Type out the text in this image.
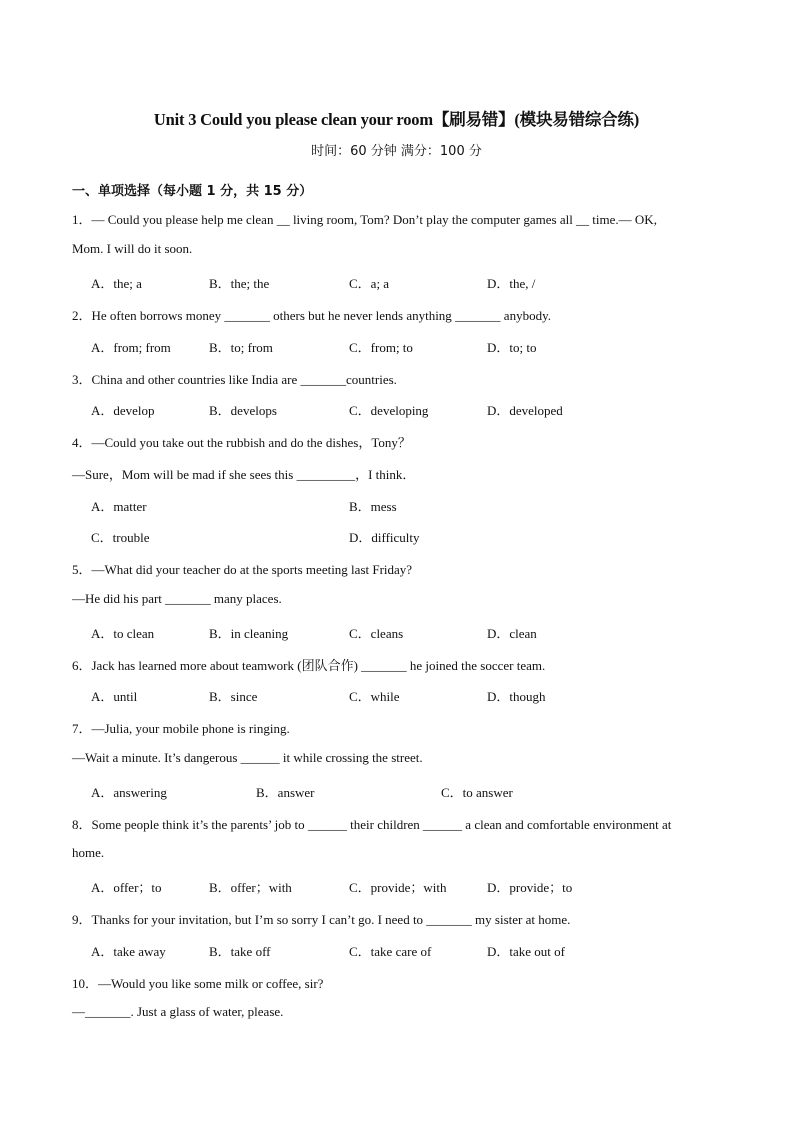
Unit 3 Could you please clean your room【刷易错】(模块易错综合练)
时间：60 分钟 满分：100 分
一、单项选择（每小题 1 分，共 15 分）
1．— Could you please help me clean __ living room, Tom? Don’t play the computer games all __ time.— OK,
Mom. I will do it soon.
A．the; a	B．the; the	C．a; a	D．the, /
2．He often borrows money _______ others but he never lends anything _______ anybody.
A．from; from	B．to; from	C．from; to	D．to; to
3．China and other countries like India are _______countries.
A．develop	B．develops	C．developing	D．developed
4．—Could you take out the rubbish and do the dishes，Tony？
—Sure，Mom will be mad if she sees this _________，I think．
A．matter	B．mess
C．trouble	D．difficulty
5．—What did your teacher do at the sports meeting last Friday?
—He did his part _______ many places.
A．to clean	B．in cleaning	C．cleans	D．clean
6．Jack has learned more about teamwork (团队合作) _______ he joined the soccer team.
A．until	B．since	C．while	D．though
7．—Julia, your mobile phone is ringing.
—Wait a minute. It’s dangerous ______ it while crossing the street.
A．answering	B．answer	C．to answer
8．Some people think it’s the parents’ job to ______ their children ______ a clean and comfortable environment at
home.
A．offer；to	B．offer；with	C．provide；with	D．provide；to
9．Thanks for your invitation, but I’m so sorry I can’t go. I need to _______ my sister at home.
A．take away	B．take off	C．take care of	D．take out of
10．—Would you like some milk or coffee, sir?
—_______. Just a glass of water, please.
